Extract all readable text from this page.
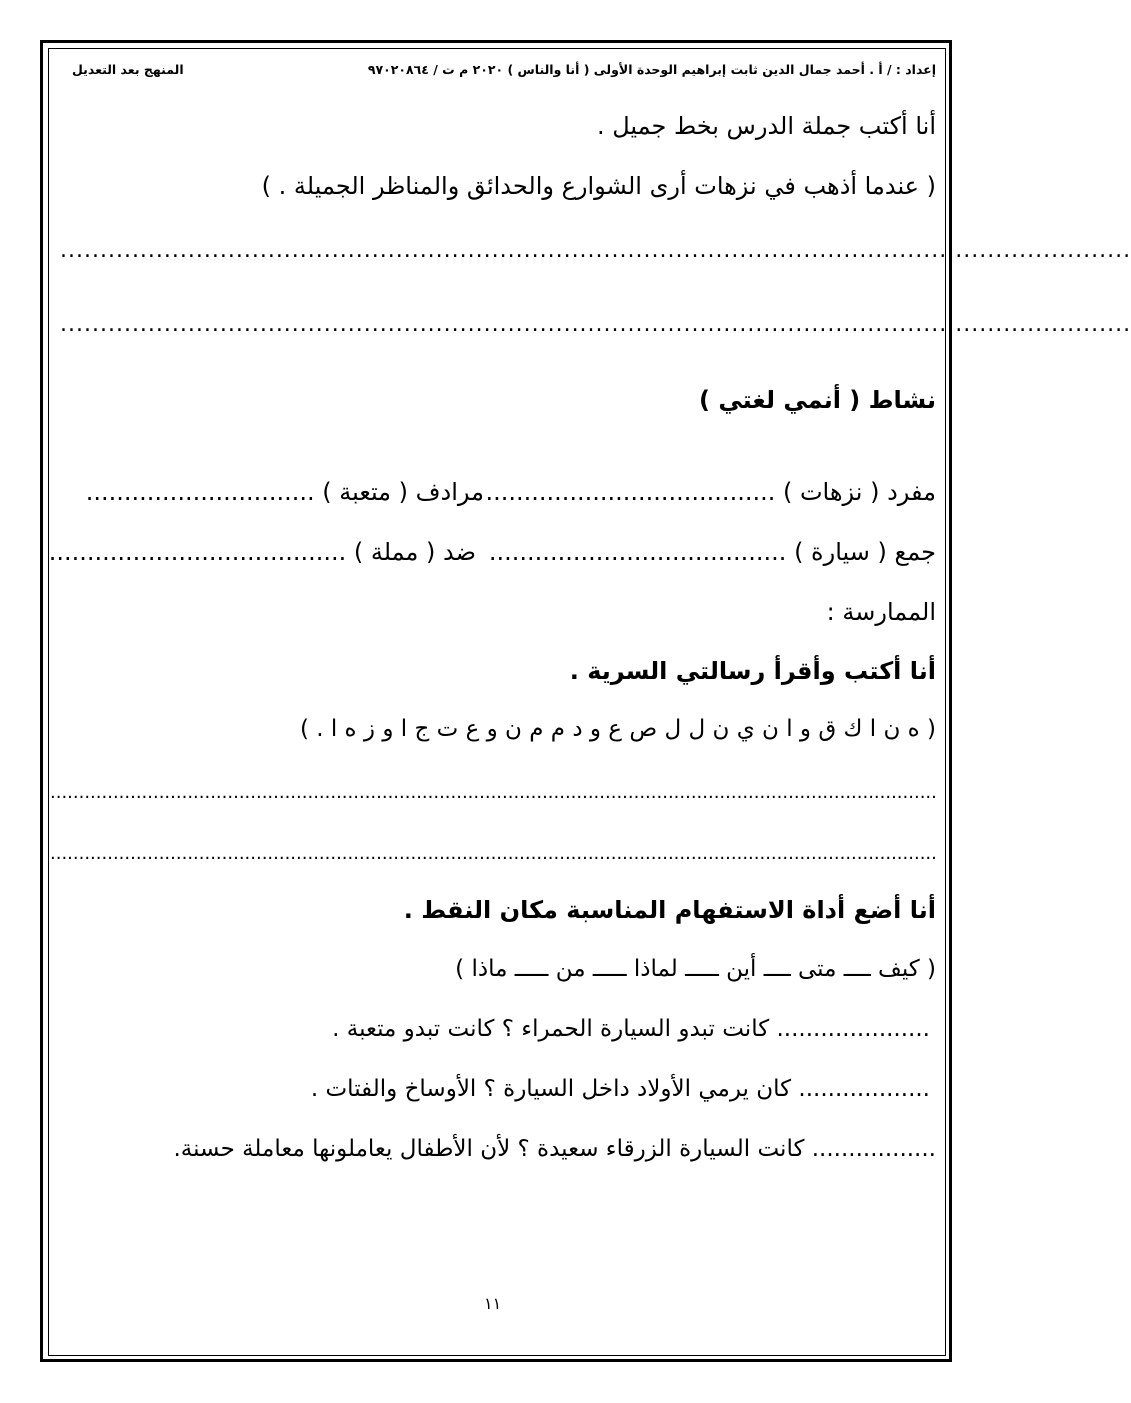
إعداد : / أ . أحمد جمال الدين ثابت إبراهيم الوحدة الأولى ( أنا والناس ) ٢٠٢٠ م ت / ٩٧٠٢٠٨٦٤
المنهج بعد التعديل
أنا أكتب جملة الدرس بخط جميل .
( عندما أذهب في نزهات أرى الشوارع والحدائق والمناظر الجميلة . )
......................................................................................................................................
......................................................................................................................................
نشاط ( أنمي لغتي )
مفرد ( نزهات ) ......................................
مرادف ( متعبة ) ..............................
جمع ( سيارة ) .......................................
ضد ( مملة ) .......................................
الممارسة :
أنا أكتب وأقرأ رسالتي السرية .
( ه ن ا ك ق و ا ن ي ن ل ل ص ع و د م م ن و ع ت ج ا و ز ه ا . )
...........................................................................................................................................................
...........................................................................................................................................................
أنا أضع أداة الاستفهام المناسبة مكان النقط .
( كيف ــــ متى ــــ أين ـــــ لماذا ـــــ من ـــــ ماذا )
..................... كانت تبدو السيارة الحمراء ؟ كانت تبدو متعبة .
.................. كان يرمي الأولاد داخل السيارة ؟ الأوساخ والفتات .
................. كانت السيارة الزرقاء سعيدة ؟ لأن الأطفال يعاملونها معاملة حسنة.
١١
